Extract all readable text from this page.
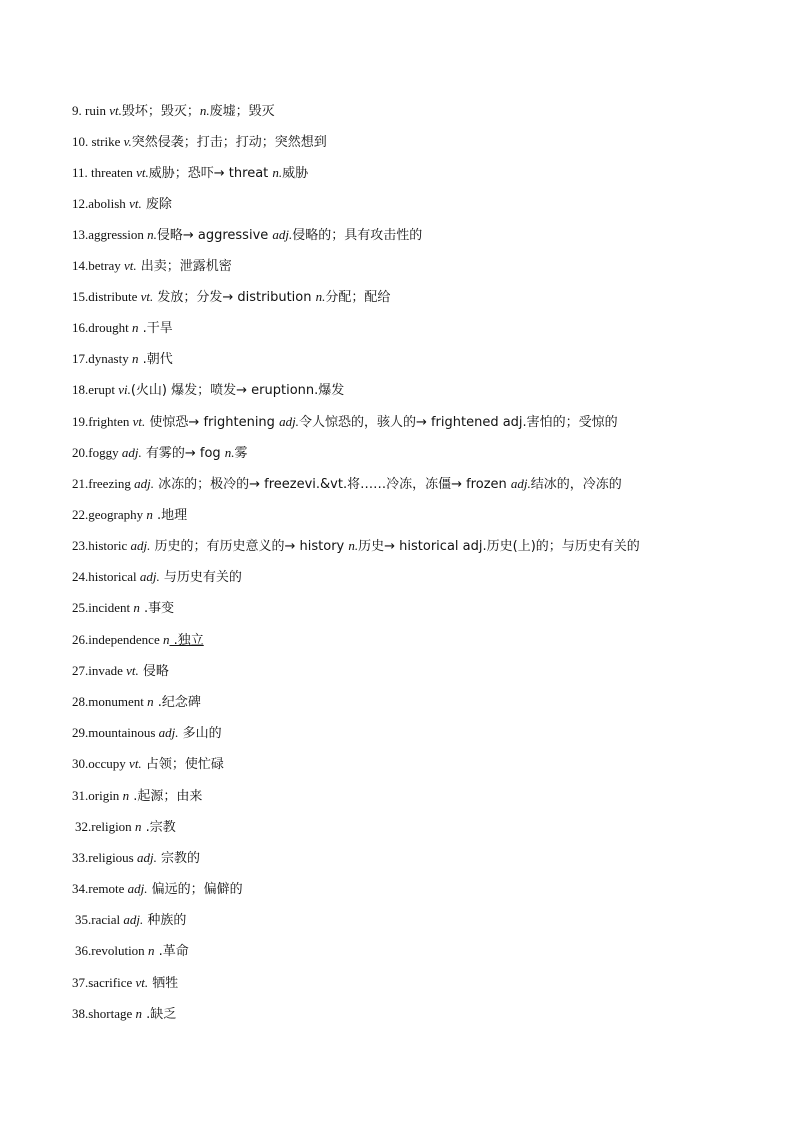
9. ruin vt.毁坏；毁灭；n.废墟；毁灭
10. strike v.突然侵袭；打击；打动；突然想到
11. threaten vt.威胁；恐吓→ threat n.威胁
12.abolish vt. 废除
13.aggression n.侵略→ aggressive adj.侵略的；具有攻击性的
14.betray vt. 出卖；泄露机密
15.distribute vt. 发放；分发→ distribution n.分配；配给
16.drought n .干旱
17.dynasty n .朝代
18.erupt vi.(火山) 爆发；喷发→ eruptionn.爆发
19.frighten vt. 使惊恐→ frightening adj.令人惊恐的，骇人的→ frightened adj.害怕的；受惊的
20.foggy adj. 有雾的→ fog n.雾
21.freezing adj. 冰冻的；极冷的→ freezevi.&vt.将……冷冻，冻僵→ frozen adj.结冰的，冷冻的
22.geography n .地理
23.historic adj. 历史的；有历史意义的→ history n.历史→ historical adj.历史(上)的；与历史有关的
24.historical adj. 与历史有关的
25.incident n .事变
26.independence n .独立
27.invade vt. 侵略
28.monument n .纪念碑
29.mountainous adj. 多山的
30.occupy vt. 占领；使忙碌
31.origin n .起源；由来
32.religion n .宗教
33.religious adj. 宗教的
34.remote adj. 偏远的；偏僻的
35.racial adj. 种族的
36.revolution n .革命
37.sacrifice vt. 牺牲
38.shortage n .缺乏
